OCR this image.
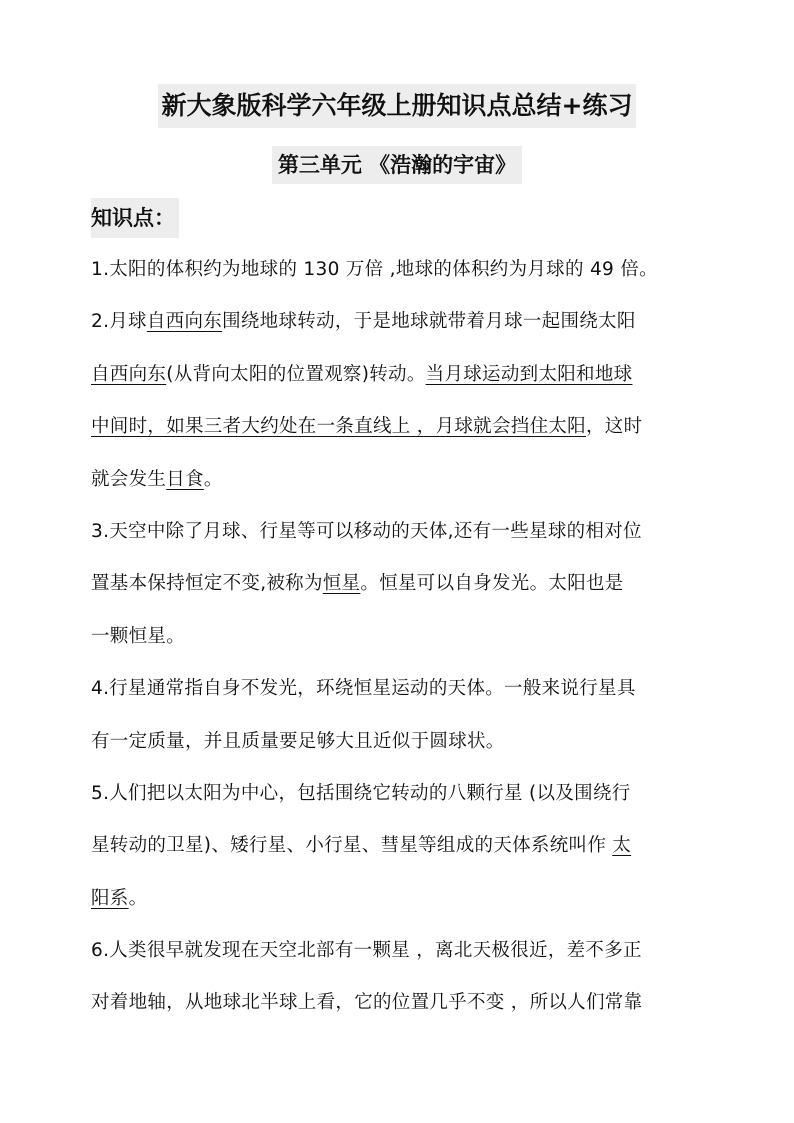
新大象版科学六年级上册知识点总结+练习
第三单元 《浩瀚的宇宙》
知识点：
1.太阳的体积约为地球的 130 万倍 ,地球的体积约为月球的 49 倍。
2.月球自西向东围绕地球转动，于是地球就带着月球一起围绕太阳
自西向东(从背向太阳的位置观察)转动。当月球运动到太阳和地球
中间时，如果三者大约处在一条直线上 ，月球就会挡住太阳，这时
就会发生日食。
3.天空中除了月球、行星等可以移动的天体,还有一些星球的相对位
置基本保持恒定不变,被称为恒星。恒星可以自身发光。太阳也是
一颗恒星。
4.行星通常指自身不发光，环绕恒星运动的天体。一般来说行星具
有一定质量，并且质量要足够大且近似于圆球状。
5.人们把以太阳为中心，包括围绕它转动的八颗行星 (以及围绕行
星转动的卫星)、矮行星、小行星、彗星等组成的天体系统叫作 太
阳系。
6.人类很早就发现在天空北部有一颗星 ，离北天极很近，差不多正
对着地轴，从地球北半球上看，它的位置几乎不变 ，所以人们常靠
